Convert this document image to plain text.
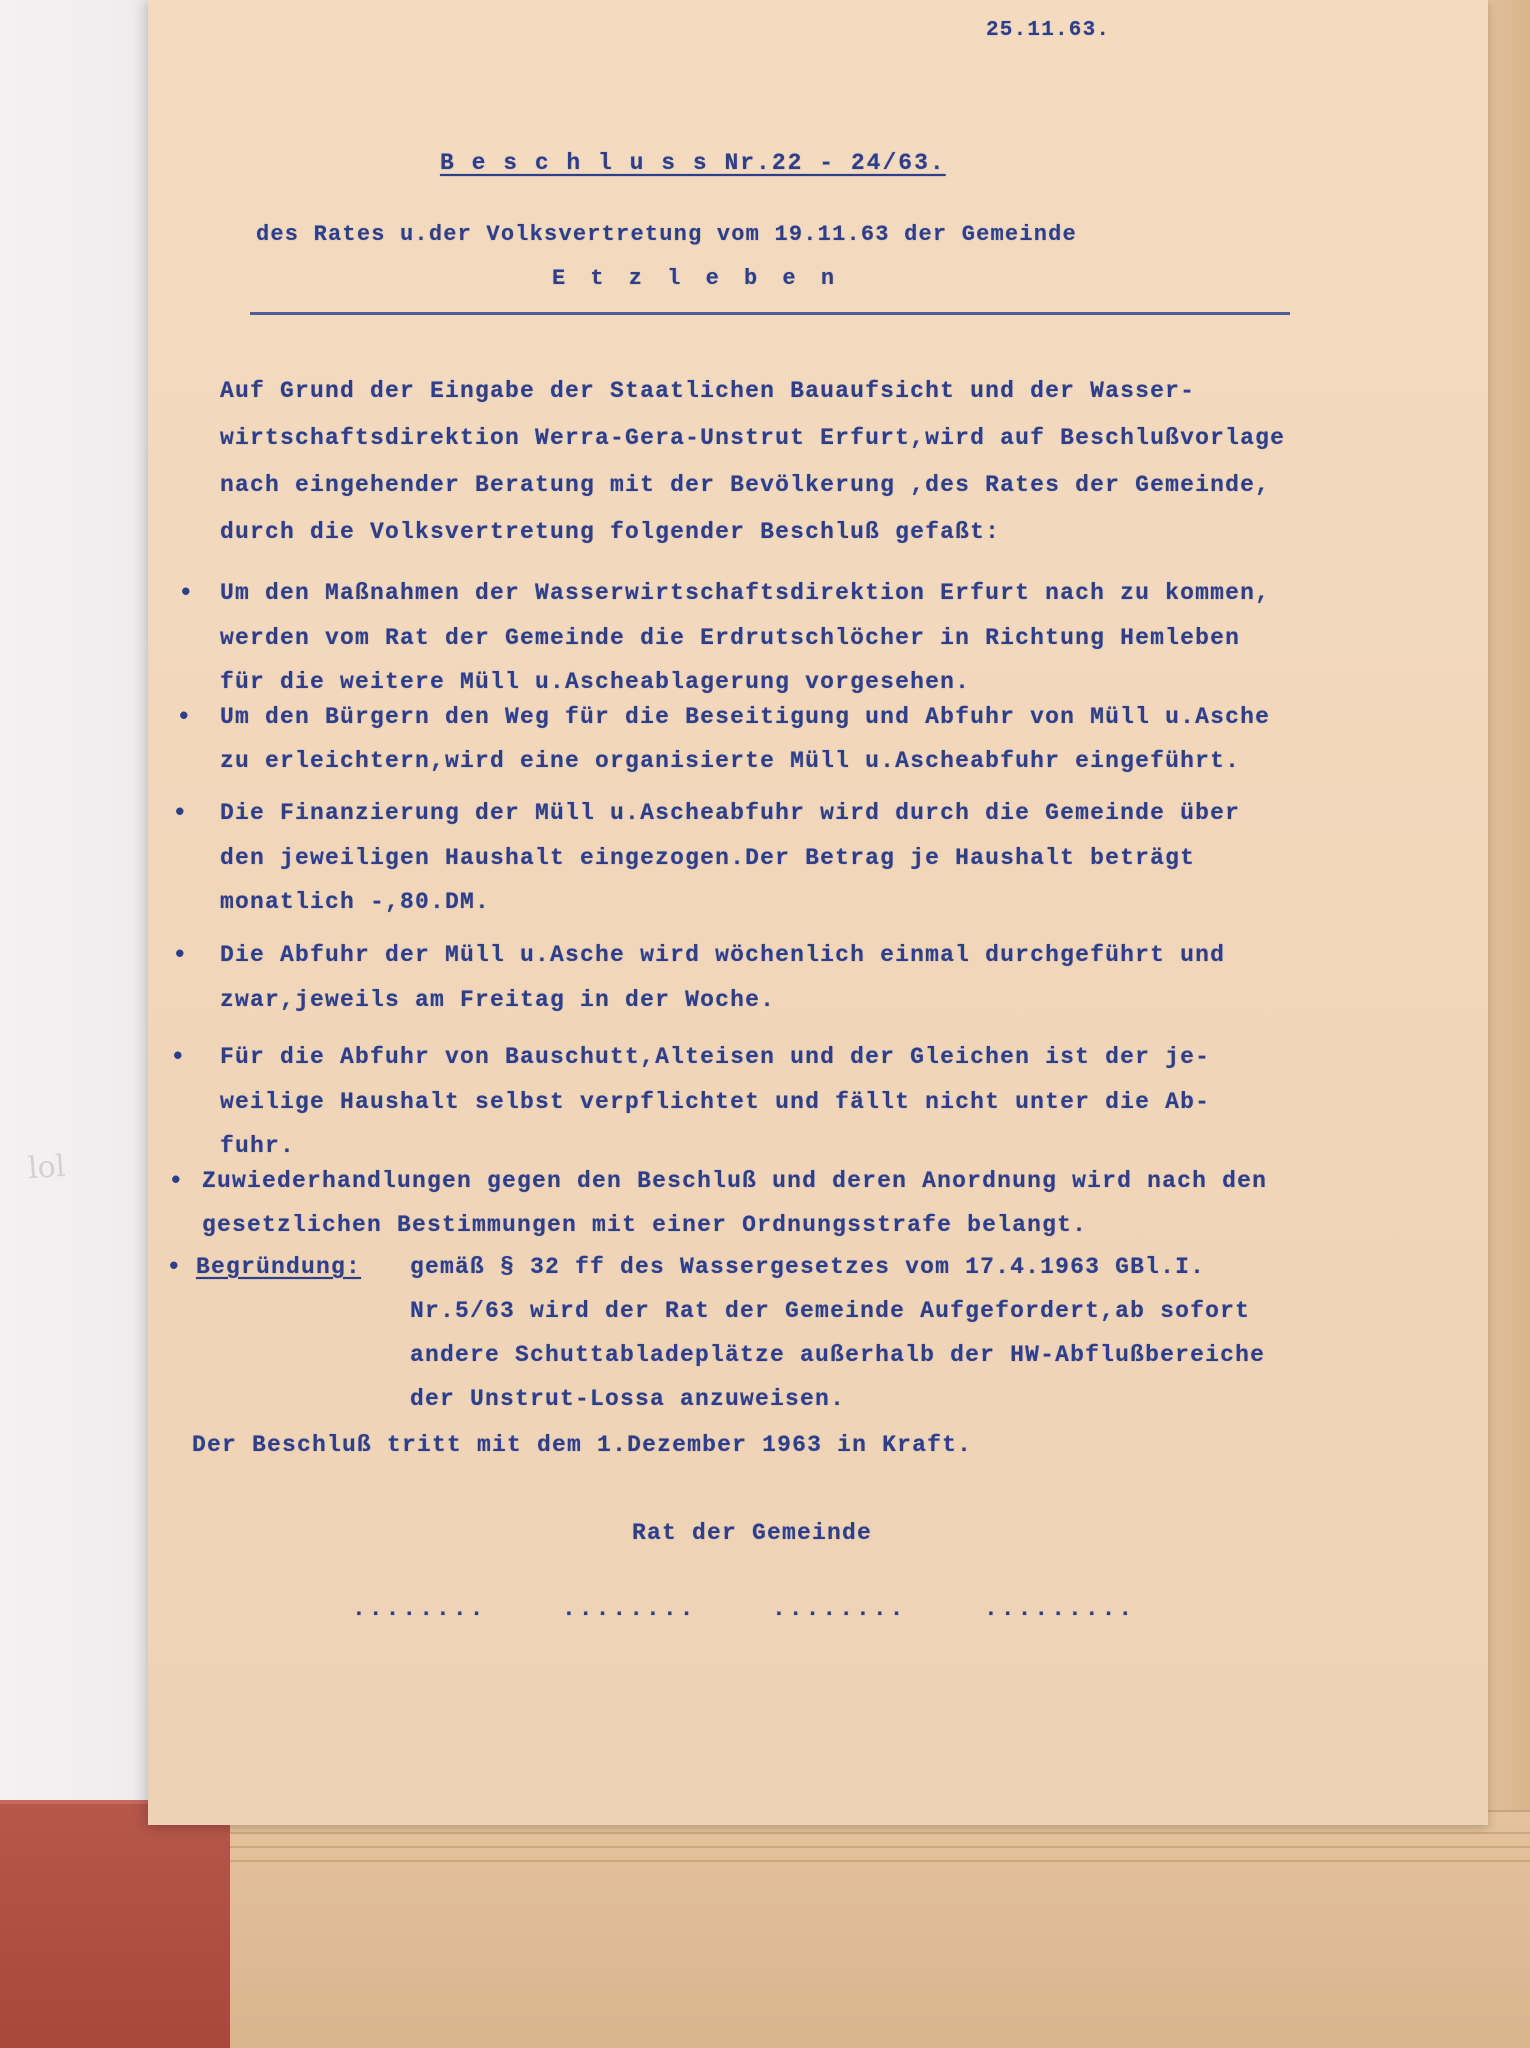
lol
25.11.63.
B e s c h l u s s Nr.22 - 24/63.
des Rates u.der Volksvertretung vom 19.11.63 der Gemeinde
E t z l e b e n
Auf Grund der Eingabe der Staatlichen Bauaufsicht und der Wasser-
wirtschaftsdirektion Werra-Gera-Unstrut Erfurt,wird auf Beschlußvorlage
nach eingehender Beratung mit der Bevölkerung ,des Rates der Gemeinde,
durch die Volksvertretung folgender Beschluß gefaßt:
• Um den Maßnahmen der Wasserwirtschaftsdirektion Erfurt nach zu kommen,
werden vom Rat der Gemeinde die Erdrutschlöcher in Richtung Hemleben
für die weitere Müll u.Ascheablagerung vorgesehen.
• Um den Bürgern den Weg für die Beseitigung und Abfuhr von Müll u.Asche
zu erleichtern,wird eine organisierte Müll u.Ascheabfuhr eingeführt.
• Die Finanzierung der Müll u.Ascheabfuhr wird durch die Gemeinde über
den jeweiligen Haushalt eingezogen.Der Betrag je Haushalt beträgt
monatlich -,80.DM.
• Die Abfuhr der Müll u.Asche wird wöchenlich einmal durchgeführt und
zwar,jeweils am Freitag in der Woche.
• Für die Abfuhr von Bauschutt,Alteisen und der Gleichen ist der je-
weilige Haushalt selbst verpflichtet und fällt nicht unter die Ab-
fuhr.
• Zuwiederhandlungen gegen den Beschluß und deren Anordnung wird nach den
gesetzlichen Bestimmungen mit einer Ordnungsstrafe belangt.
• Begründung: gemäß § 32 ff des Wassergesetzes vom 17.4.1963 GBl.I.
Nr.5/63 wird der Rat der Gemeinde Aufgefordert,ab sofort
andere Schuttabladeplätze außerhalb der HW-Abflußbereiche
der Unstrut-Lossa anzuweisen.
Der Beschluß tritt mit dem 1.Dezember 1963 in Kraft.
Rat der Gemeinde
........	........	........	.........
